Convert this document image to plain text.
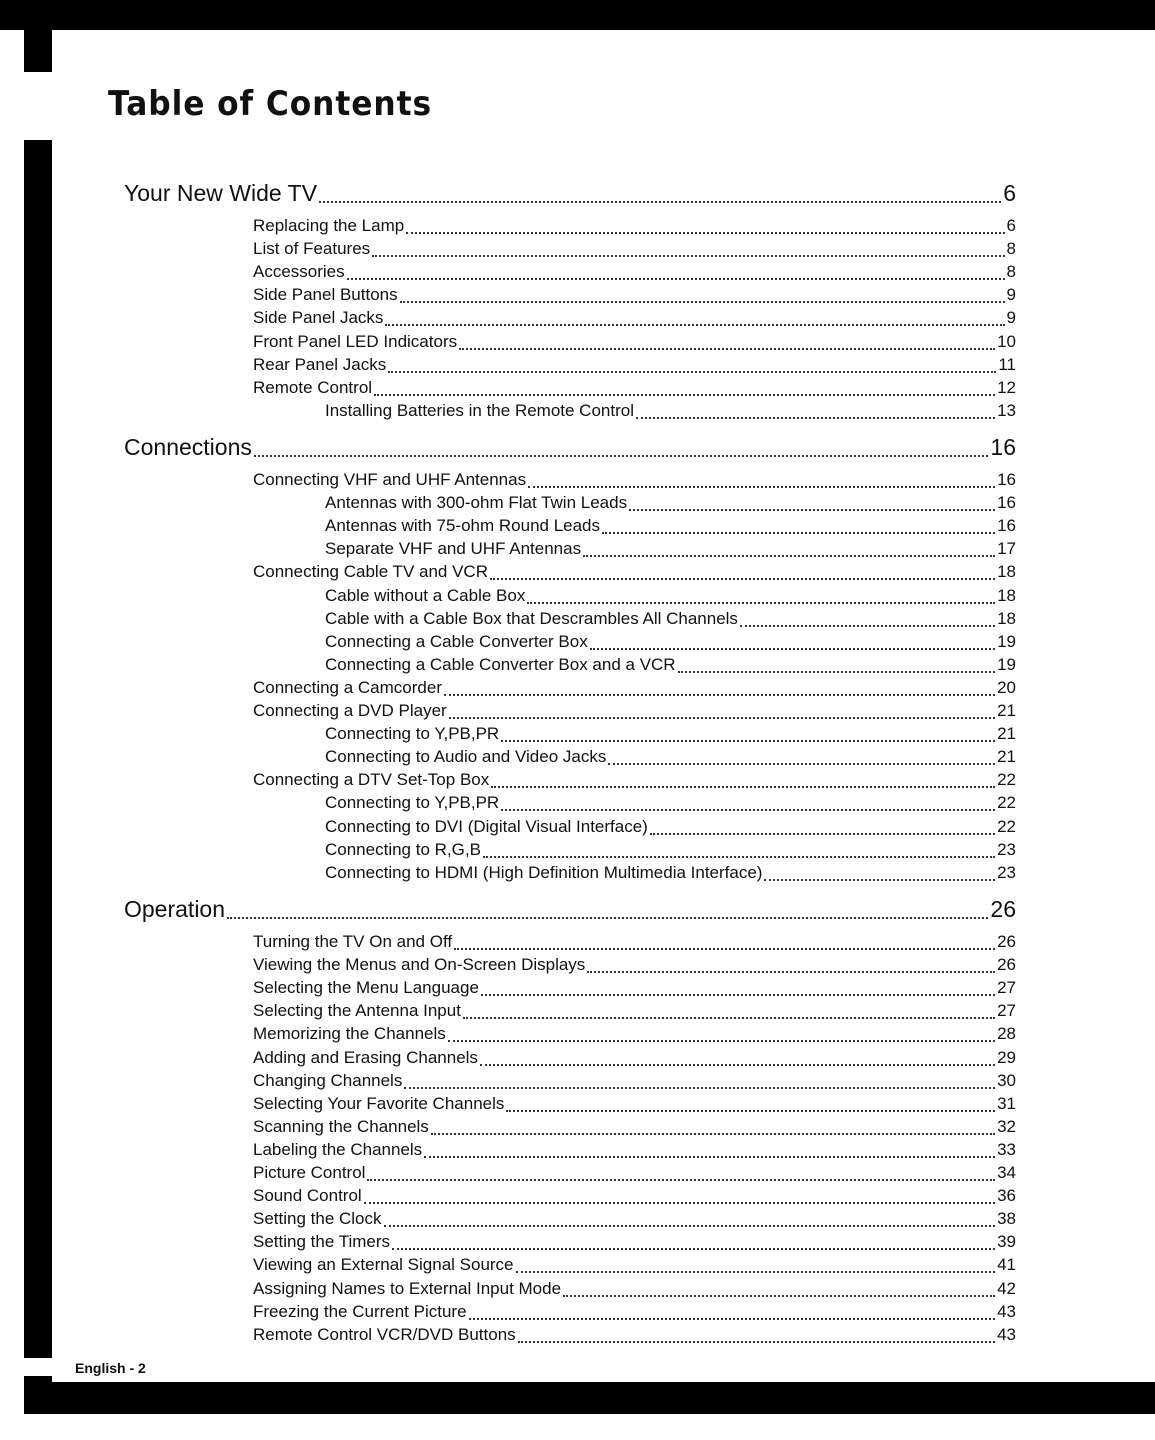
Table of Contents
Your New Wide TV	6
Replacing the Lamp	6
List of Features	8
Accessories	8
Side Panel Buttons	9
Side Panel Jacks	9
Front Panel LED Indicators	10
Rear Panel Jacks	11
Remote Control	12
Installing Batteries in the Remote Control	13
Connections	16
Connecting VHF and UHF Antennas	16
Antennas with 300-ohm Flat Twin Leads	16
Antennas with 75-ohm Round Leads	16
Separate VHF and UHF Antennas	17
Connecting Cable TV and VCR	18
Cable without a Cable Box	18
Cable with a Cable Box that Descrambles All Channels	18
Connecting a Cable Converter Box	19
Connecting a Cable Converter Box and a VCR	19
Connecting a Camcorder	20
Connecting a DVD Player	21
Connecting to Y,PB,PR	21
Connecting to Audio and Video Jacks	21
Connecting a DTV Set-Top Box	22
Connecting to Y,PB,PR	22
Connecting to DVI (Digital Visual Interface)	22
Connecting to R,G,B	23
Connecting to HDMI (High Definition Multimedia Interface)	23
Operation	26
Turning the TV On and Off	26
Viewing the Menus and On-Screen Displays	26
Selecting the Menu Language	27
Selecting the Antenna Input	27
Memorizing the Channels	28
Adding and Erasing Channels	29
Changing Channels	30
Selecting Your Favorite Channels	31
Scanning the Channels	32
Labeling the Channels	33
Picture Control	34
Sound Control	36
Setting the Clock	38
Setting the Timers	39
Viewing an External Signal Source	41
Assigning Names to External Input Mode	42
Freezing the Current Picture	43
Remote Control VCR/DVD Buttons	43
English - 2
